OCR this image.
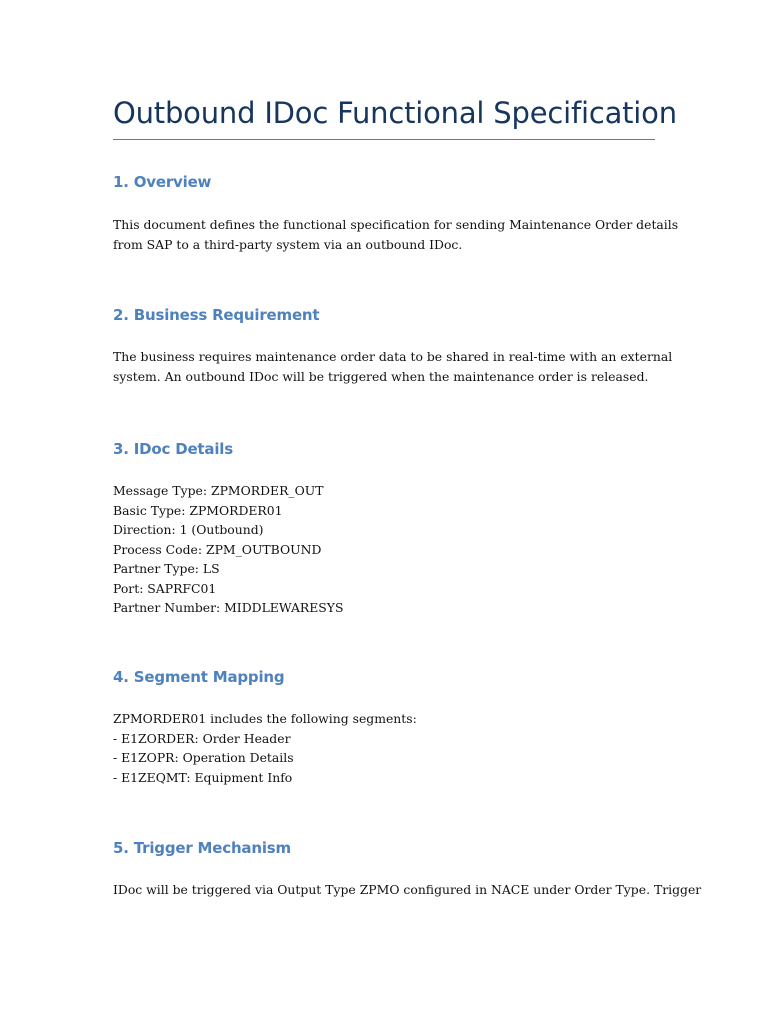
Outbound IDoc Functional Specification
1. Overview
This document defines the functional specification for sending Maintenance Order details
from SAP to a third-party system via an outbound IDoc.
2. Business Requirement
The business requires maintenance order data to be shared in real-time with an external
system. An outbound IDoc will be triggered when the maintenance order is released.
3. IDoc Details
Message Type: ZPMORDER_OUT
Basic Type: ZPMORDER01
Direction: 1 (Outbound)
Process Code: ZPM_OUTBOUND
Partner Type: LS
Port: SAPRFC01
Partner Number: MIDDLEWARESYS
4. Segment Mapping
ZPMORDER01 includes the following segments:
- E1ZORDER: Order Header
- E1ZOPR: Operation Details
- E1ZEQMT: Equipment Info
5. Trigger Mechanism
IDoc will be triggered via Output Type ZPMO configured in NACE under Order Type. Trigger
